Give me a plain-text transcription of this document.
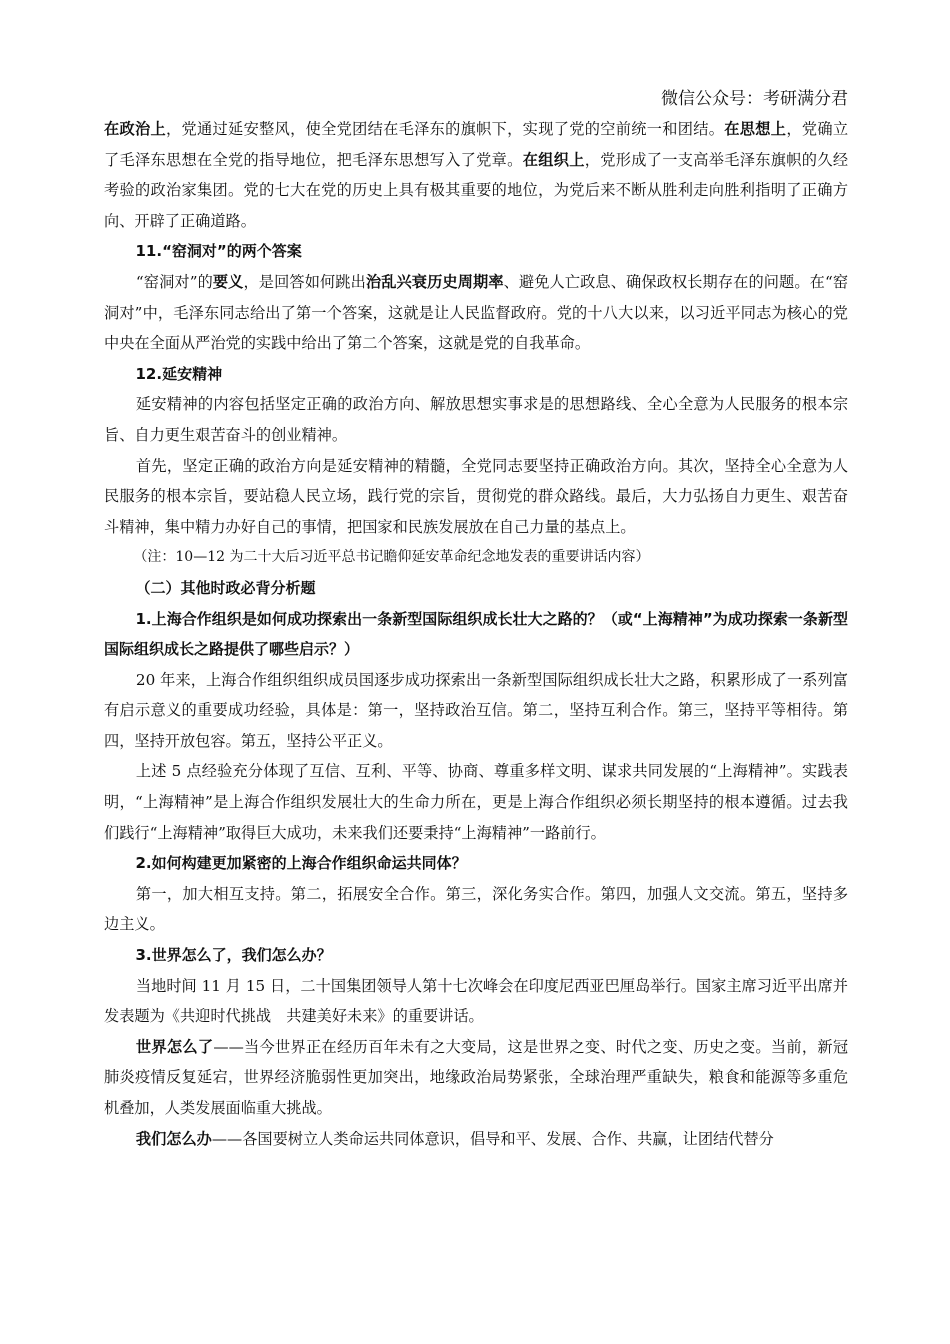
微信公众号：考研满分君

在政治上，党通过延安整风，使全党团结在毛泽东的旗帜下，实现了党的空前统一和团结。在思想上，党确立了毛泽东思想在全党的指导地位，把毛泽东思想写入了党章。在组织上，党形成了一支高举毛泽东旗帜的久经考验的政治家集团。党的七大在党的历史上具有极其重要的地位，为党后来不断从胜利走向胜利指明了正确方向、开辟了正确道路。

11.“窑洞对”的两个答案

“窑洞对”的要义，是回答如何跳出治乱兴衰历史周期率、避免人亡政息、确保政权长期存在的问题。在“窑洞对”中，毛泽东同志给出了第一个答案，这就是让人民监督政府。党的十八大以来，以习近平同志为核心的党中央在全面从严治党的实践中给出了第二个答案，这就是党的自我革命。

12.延安精神

延安精神的内容包括坚定正确的政治方向、解放思想实事求是的思想路线、全心全意为人民服务的根本宗旨、自力更生艰苦奋斗的创业精神。

首先，坚定正确的政治方向是延安精神的精髓，全党同志要坚持正确政治方向。其次，坚持全心全意为人民服务的根本宗旨，要站稳人民立场，践行党的宗旨，贯彻党的群众路线。最后，大力弘扬自力更生、艰苦奋斗精神，集中精力办好自己的事情，把国家和民族发展放在自己力量的基点上。

（注：10—12 为二十大后习近平总书记瞻仰延安革命纪念地发表的重要讲话内容）

（二）其他时政必背分析题

1.上海合作组织是如何成功探索出一条新型国际组织成长壮大之路的？（或“上海精神”为成功探索一条新型国际组织成长之路提供了哪些启示？）

20 年来，上海合作组织组织成员国逐步成功探索出一条新型国际组织成长壮大之路，积累形成了一系列富有启示意义的重要成功经验，具体是：第一，坚持政治互信。第二，坚持互利合作。第三，坚持平等相待。第四，坚持开放包容。第五，坚持公平正义。

上述 5 点经验充分体现了互信、互利、平等、协商、尊重多样文明、谋求共同发展的“上海精神”。实践表明，“上海精神”是上海合作组织发展壮大的生命力所在，更是上海合作组织必须长期坚持的根本遵循。过去我们践行“上海精神”取得巨大成功，未来我们还要秉持“上海精神”一路前行。

2.如何构建更加紧密的上海合作组织命运共同体？

第一，加大相互支持。第二，拓展安全合作。第三，深化务实合作。第四，加强人文交流。第五，坚持多边主义。

3.世界怎么了，我们怎么办？

当地时间 11 月 15 日，二十国集团领导人第十七次峰会在印度尼西亚巴厘岛举行。国家主席习近平出席并发表题为《共迎时代挑战　共建美好未来》的重要讲话。

世界怎么了——当今世界正在经历百年未有之大变局，这是世界之变、时代之变、历史之变。当前，新冠肺炎疫情反复延宕，世界经济脆弱性更加突出，地缘政治局势紧张，全球治理严重缺失，粮食和能源等多重危机叠加，人类发展面临重大挑战。

我们怎么办——各国要树立人类命运共同体意识，倡导和平、发展、合作、共赢，让团结代替分
